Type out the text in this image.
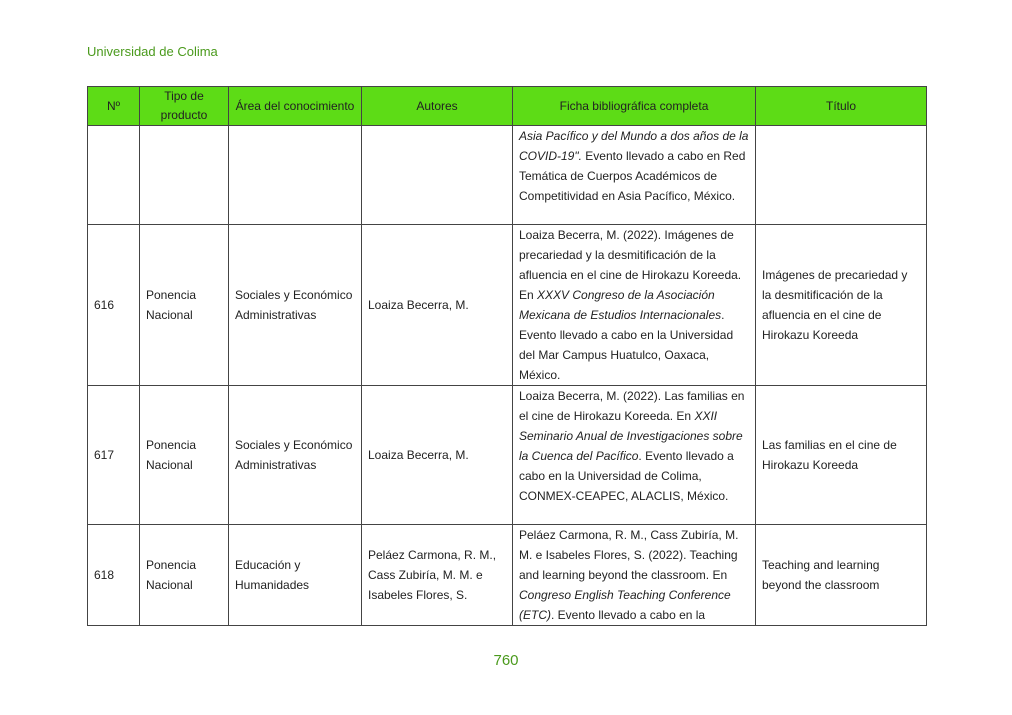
Universidad de Colima
Nº	Tipo de producto	Área del conocimiento	Autores	Ficha bibliográfica completa	Título
				Asia Pacífico y del Mundo a dos años de la COVID-19". Evento llevado a cabo en Red Temática de Cuerpos Académicos de Competitividad en Asia Pacífico, México.	
616	Ponencia Nacional	Sociales y Económico Administrativas	Loaiza Becerra, M.	Loaiza Becerra, M. (2022). Imágenes de precariedad y la desmitificación de la afluencia en el cine de Hirokazu Koreeda. En XXXV Congreso de la Asociación Mexicana de Estudios Internacionales. Evento llevado a cabo en la Universidad del Mar Campus Huatulco, Oaxaca, México.	Imágenes de precariedad y la desmitificación de la afluencia en el cine de Hirokazu Koreeda
617	Ponencia Nacional	Sociales y Económico Administrativas	Loaiza Becerra, M.	Loaiza Becerra, M. (2022). Las familias en el cine de Hirokazu Koreeda. En XXII Seminario Anual de Investigaciones sobre la Cuenca del Pacífico. Evento llevado a cabo en la Universidad de Colima, CONMEX-CEAPEC, ALACLIS, México.	Las familias en el cine de Hirokazu Koreeda
618	Ponencia Nacional	Educación y Humanidades	Peláez Carmona, R. M., Cass Zubiría, M. M. e Isabeles Flores, S.	Peláez Carmona, R. M., Cass Zubiría, M. M. e Isabeles Flores, S. (2022). Teaching and learning beyond the classroom. En Congreso English Teaching Conference (ETC). Evento llevado a cabo en la	Teaching and learning beyond the classroom
760
